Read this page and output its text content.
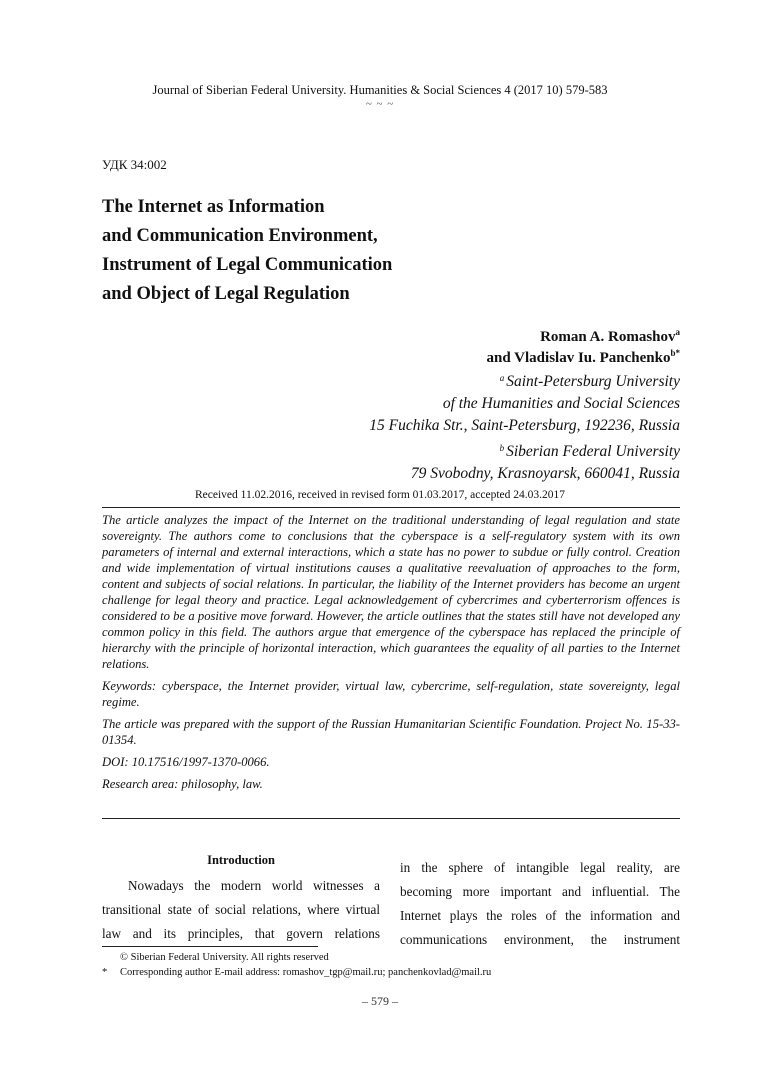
Journal of Siberian Federal University. Humanities & Social Sciences 4 (2017 10) 579-583
~ ~ ~
УДК 34:002
The Internet as Information
and Communication Environment,
Instrument of Legal Communication
and Object of Legal Regulation
Roman A. Romashov$^a$
and Vladislav Iu. Panchenko$^{b*}$
$^a$ Saint-Petersburg University
of the Humanities and Social Sciences
15 Fuchika Str., Saint-Petersburg, 192236, Russia
$^b$ Siberian Federal University
79 Svobodny, Krasnoyarsk, 660041, Russia
Received 11.02.2016, received in revised form 01.03.2017, accepted 24.03.2017

The article analyzes the impact of the Internet on the traditional understanding of legal regulation and state sovereignty. The authors come to conclusions that the cyberspace is a self-regulatory system with its own parameters of internal and external interactions, which a state has no power to subdue or fully control. Creation and wide implementation of virtual institutions causes a qualitative reevaluation of approaches to the form, content and subjects of social relations. In particular, the liability of the Internet providers has become an urgent challenge for legal theory and practice. Legal acknowledgement of cybercrimes and cyberterrorism offences is considered to be a positive move forward. However, the article outlines that the states still have not developed any common policy in this field. The authors argue that emergence of the cyberspace has replaced the principle of hierarchy with the principle of horizontal interaction, which guarantees the equality of all parties to the Internet relations.

Keywords: cyberspace, the Internet provider, virtual law, cybercrime, self-regulation, state sovereignty, legal regime.

The article was prepared with the support of the Russian Humanitarian Scientific Foundation. Project No. 15-33-01354.

DOI: 10.17516/1997-1370-0066.

Research area: philosophy, law.

Introduction

Nowadays the modern world witnesses a transitional state of social relations, where virtual law and its principles, that govern relations

in the sphere of intangible legal reality, are becoming more important and influential. The Internet plays the roles of the information and communications environment, the instrument
© Siberian Federal University. All rights reserved
*	Corresponding author E-mail address: romashov_tgp@mail.ru; panchenkovlad@mail.ru
– 579 –
